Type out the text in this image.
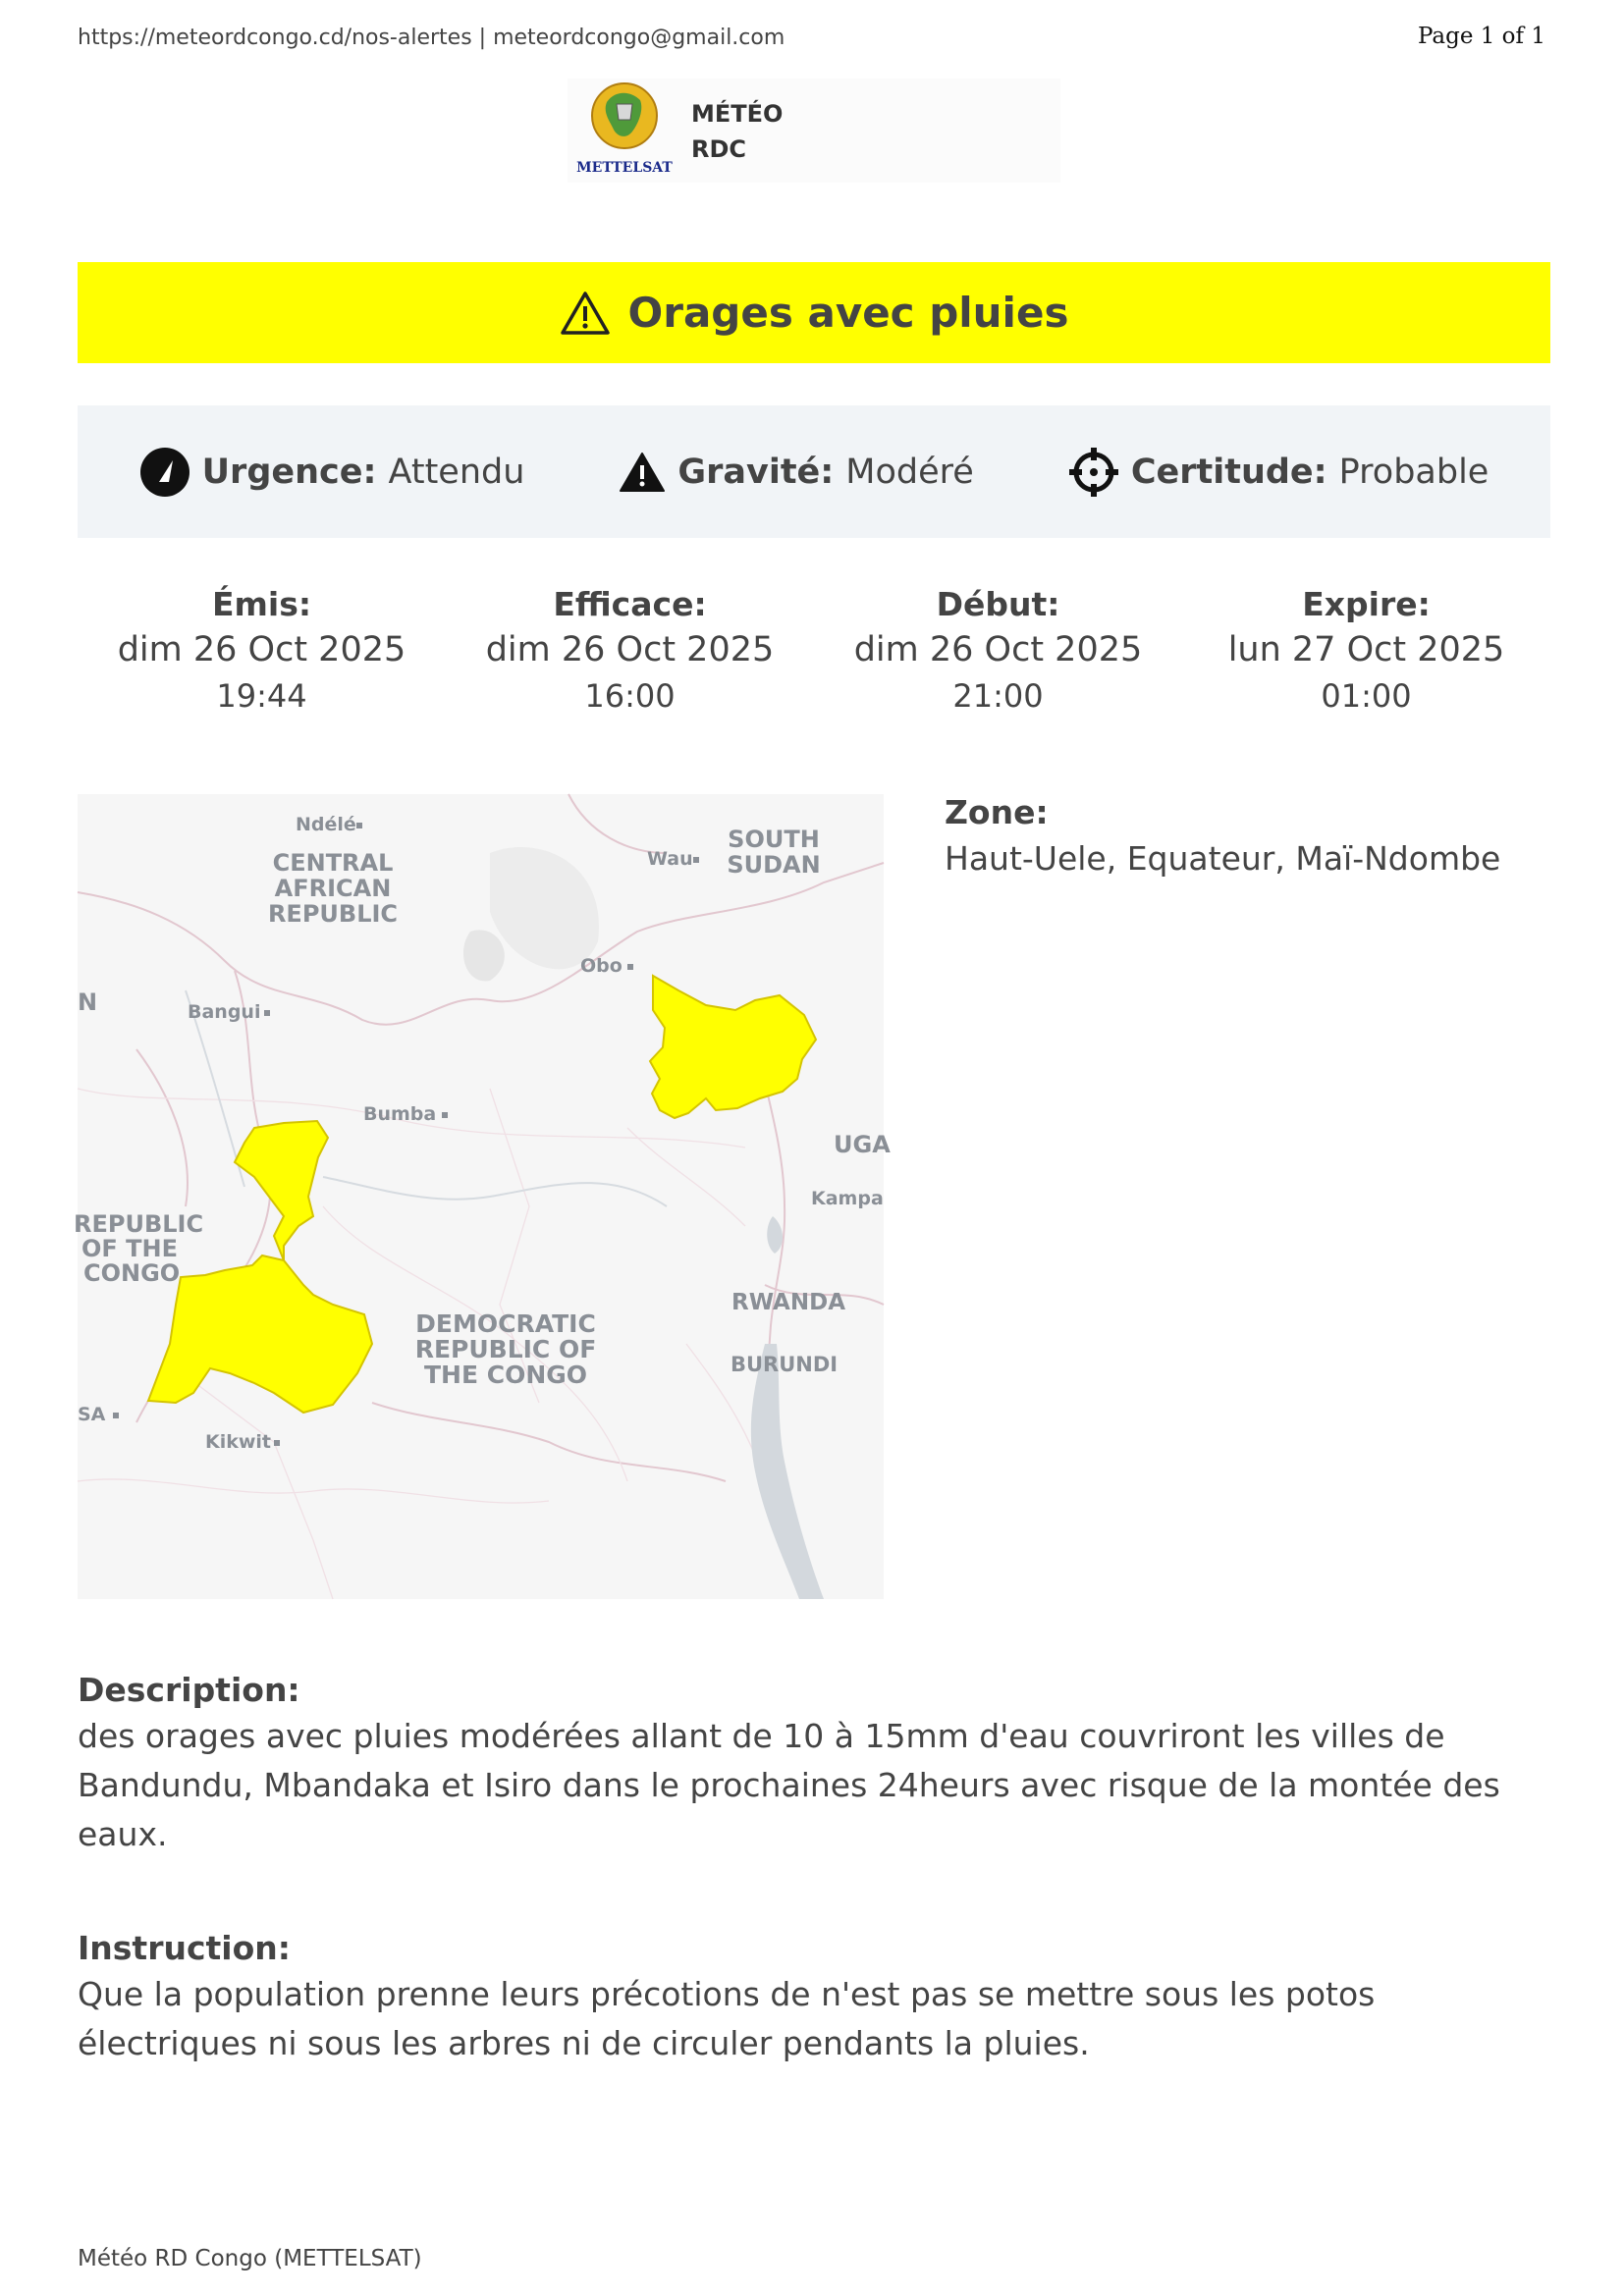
https://meteordcongo.cd/nos-alertes | meteordcongo@gmail.com	Page 1 of 1
METTELSAT
MÉTÉO
RDC
Orages avec pluies
Urgence: Attendu	Gravité: Modéré	Certitude: Probable
Émis:
dim 26 Oct 2025
19:44
Efficace:
dim 26 Oct 2025
16:00
Début:
dim 26 Oct 2025
21:00
Expire:
lun 27 Oct 2025
01:00
Ndélé
CENTRAL
AFRICAN
REPUBLIC
Wau
SOUTH
SUDAN
Obo
N	Bangui
Bumba
UGA
Kampa
REPUBLIC
OF THE
CONGO
DEMOCRATIC
REPUBLIC OF
THE CONGO
RWANDA
BURUNDI
SA
Kikwit
Zone:
Haut-Uele, Equateur, Maï-Ndombe
Description:
des orages avec pluies modérées allant de 10 à 15mm d'eau couvriront les villes de
Bandundu, Mbandaka et Isiro dans le prochaines 24heurs avec risque de la montée des
eaux.
Instruction:
Que la population prenne leurs précotions de n'est pas se mettre sous les potos
électriques ni sous les arbres ni de circuler pendants la pluies.
Météo RD Congo (METTELSAT)
